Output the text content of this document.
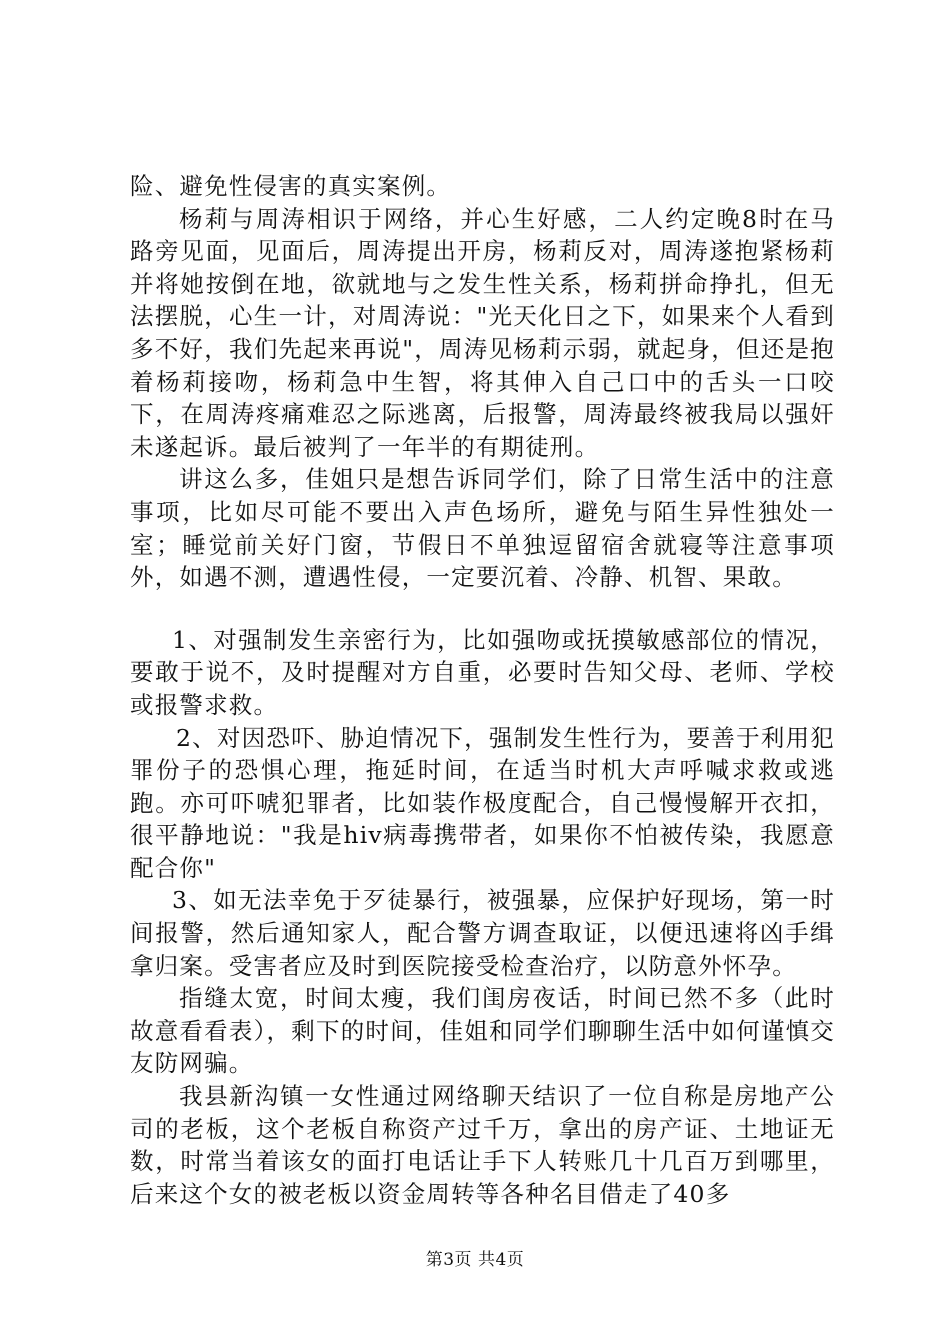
险、避免性侵害的真实案例。

杨莉与周涛相识于网络，并心生好感，二人约定晚8时在马路旁见面，见面后，周涛提出开房，杨莉反对，周涛遂抱紧杨莉并将她按倒在地，欲就地与之发生性关系，杨莉拼命挣扎，但无法摆脱，心生一计，对周涛说："光天化日之下，如果来个人看到多不好，我们先起来再说"，周涛见杨莉示弱，就起身，但还是抱着杨莉接吻，杨莉急中生智，将其伸入自己口中的舌头一口咬下，在周涛疼痛难忍之际逃离，后报警，周涛最终被我局以强奸未遂起诉。最后被判了一年半的有期徒刑。

讲这么多，佳姐只是想告诉同学们，除了日常生活中的注意事项，比如尽可能不要出入声色场所，避免与陌生异性独处一室；睡觉前关好门窗，节假日不单独逗留宿舍就寝等注意事项外，如遇不测，遭遇性侵，一定要沉着、冷静、机智、果敢。

1、对强制发生亲密行为，比如强吻或抚摸敏感部位的情况，要敢于说不，及时提醒对方自重，必要时告知父母、老师、学校或报警求救。

2、对因恐吓、胁迫情况下，强制发生性行为，要善于利用犯罪份子的恐惧心理，拖延时间，在适当时机大声呼喊求救或逃跑。亦可吓唬犯罪者，比如装作极度配合，自己慢慢解开衣扣，很平静地说："我是hiv病毒携带者，如果你不怕被传染，我愿意配合你"

3、如无法幸免于歹徒暴行，被强暴，应保护好现场，第一时间报警，然后通知家人，配合警方调查取证，以便迅速将凶手缉拿归案。受害者应及时到医院接受检查治疗，以防意外怀孕。

指缝太宽，时间太瘦，我们闺房夜话，时间已然不多（此时故意看看表），剩下的时间，佳姐和同学们聊聊生活中如何谨慎交友防网骗。

我县新沟镇一女性通过网络聊天结识了一位自称是房地产公司的老板，这个老板自称资产过千万，拿出的房产证、土地证无数，时常当着该女的面打电话让手下人转账几十几百万到哪里，后来这个女的被老板以资金周转等各种名目借走了40多

第3页 共4页
